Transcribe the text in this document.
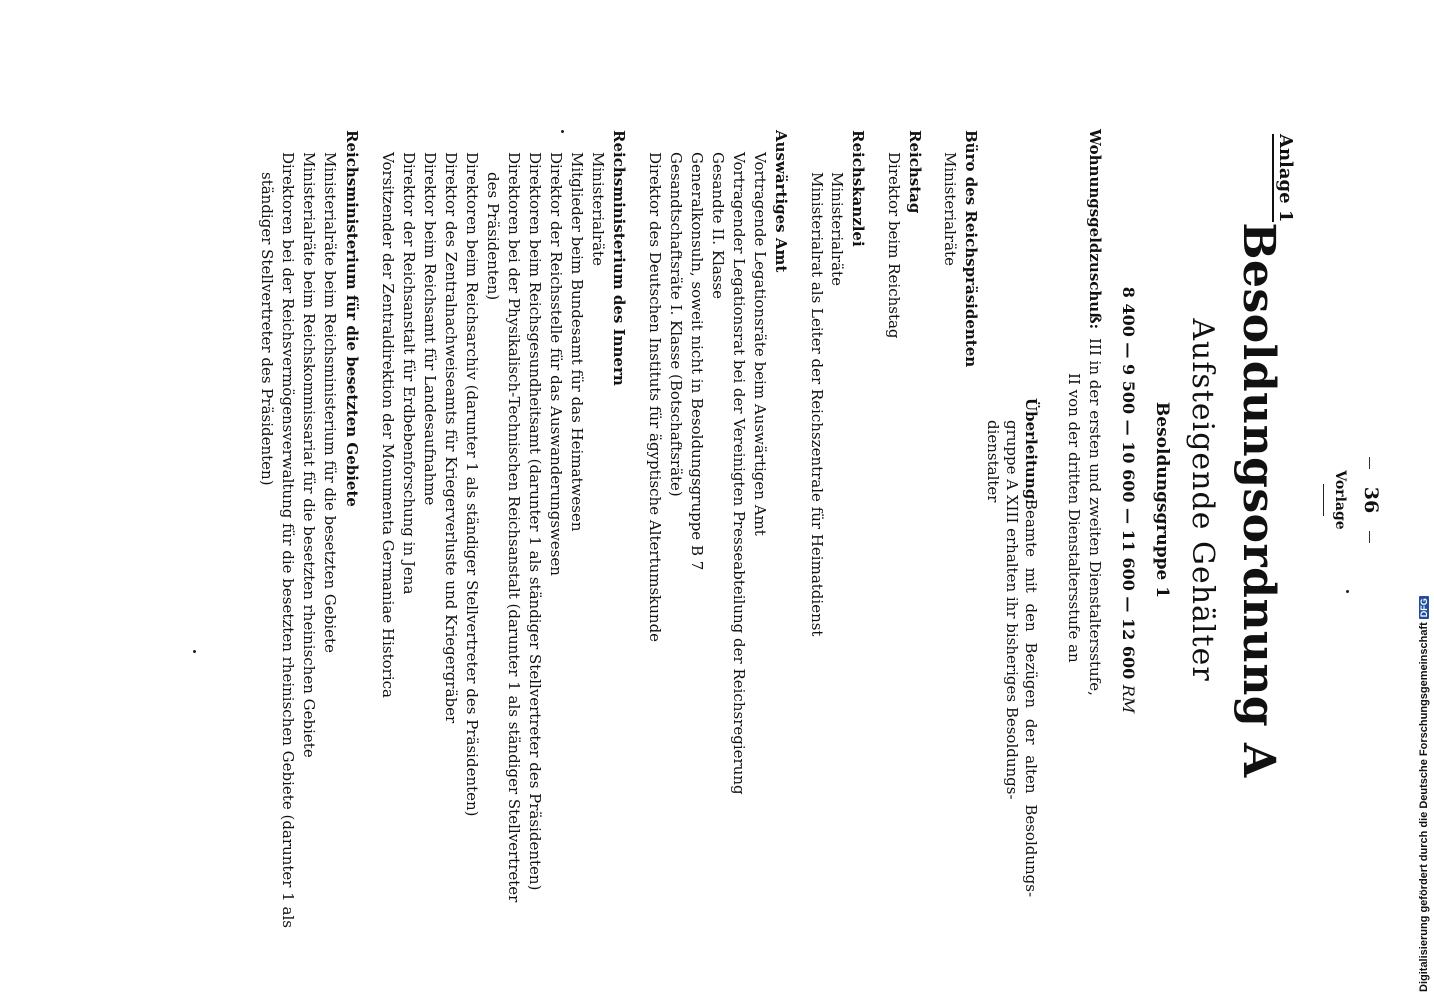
36
Vorlage
Anlage 1
Besoldungsordnung A
Aufsteigende Gehälter
Besoldungsgruppe 1
8 400 — 9 500 — 10 600 — 11 600 — 12 600 RM
Wohnungsgeldzuschuß:
III in der ersten und zweiten Dienstaltersstufe,
II von der dritten Dienstaltersstufe an
Überleitung:
Beamte mit den Bezügen der alten Besoldungs-
gruppe A XIII erhalten ihr bisheriges Besoldungs-
dienstalter
Büro des Reichspräsidenten
Ministerialräte
Reichstag
Direktor beim Reichstag
Reichskanzlei
Ministerialräte
Ministerialrat als Leiter der Reichszentrale für Heimatdienst
Auswärtiges Amt
Vortragende Legationsräte beim Auswärtigen Amt
Vortragender Legationsrat bei der Vereinigten Presseabteilung der Reichsregierung
Gesandte II. Klasse
Generalkonsuln, soweit nicht in Besoldungsgruppe B 7
Gesandtschaftsräte I. Klasse (Botschaftsräte)
Direktor des Deutschen Instituts für ägyptische Altertumskunde
Reichsministerium des Innern
Ministerialräte
Mitglieder beim Bundesamt für das Heimatwesen
Direktor der Reichsstelle für das Auswanderungswesen
Direktoren beim Reichsgesundheitsamt (darunter 1 als ständiger Stellvertreter des Präsidenten)
Direktoren bei der Physikalisch-Technischen Reichsanstalt (darunter 1 als ständiger Stellvertreter
des Präsidenten)
Direktoren beim Reichsarchiv (darunter 1 als ständiger Stellvertreter des Präsidenten)
Direktor des Zentralnachweiseamts für Kriegerverluste und Kriegergräber
Direktor beim Reichsamt für Landesaufnahme
Direktor der Reichsanstalt für Erdbebenforschung in Jena
Vorsitzender der Zentraldirektion der Monumenta Germaniae Historica
Reichsministerium für die besetzten Gebiete
Ministerialräte beim Reichsministerium für die besetzten Gebiete
Ministerialräte beim Reichskommissariat für die besetzten rheinischen Gebiete
Direktoren bei der Reichsvermögensverwaltung für die besetzten rheinischen Gebiete (darunter 1 als
ständiger Stellvertreter des Präsidenten)
Digitalisierung gefördert durch die Deutsche ForschungsgemeinschaftDFG
